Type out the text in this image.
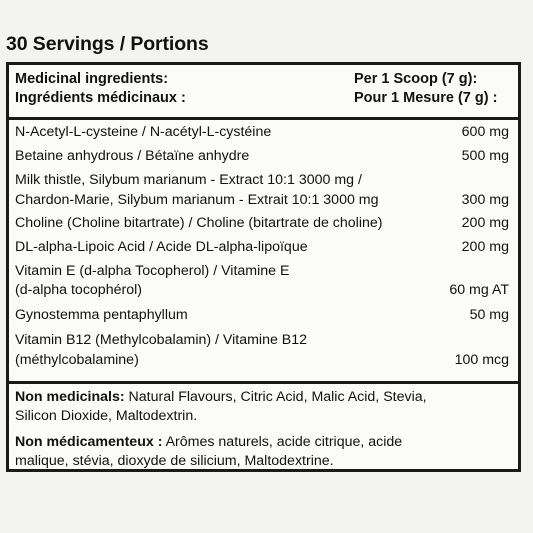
30 Servings / Portions
Medicinal ingredients:	Per 1 Scoop (7 g):
Ingrédients médicinaux :	Pour 1 Mesure (7 g) :
N-Acetyl-L-cysteine / N-acétyl-L-cystéine	600 mg
Betaine anhydrous / Bétaïne anhydre	500 mg
Milk thistle, Silybum marianum - Extract 10:1 3000 mg /
Chardon-Marie, Silybum marianum - Extrait 10:1 3000 mg	300 mg
Choline (Choline bitartrate) / Choline (bitartrate de choline)	200 mg
DL-alpha-Lipoic Acid / Acide DL-alpha-lipoïque	200 mg
Vitamin E (d-alpha Tocopherol) / Vitamine E
(d-alpha tocophérol)	60 mg AT
Gynostemma pentaphyllum	50 mg
Vitamin B12 (Methylcobalamin) / Vitamine B12
(méthylcobalamine)	100 mcg
Non medicinals: Natural Flavours, Citric Acid, Malic Acid, Stevia,
Silicon Dioxide, Maltodextrin.
Non médicamenteux : Arômes naturels, acide citrique, acide
malique, stévia, dioxyde de silicium, Maltodextrine.
